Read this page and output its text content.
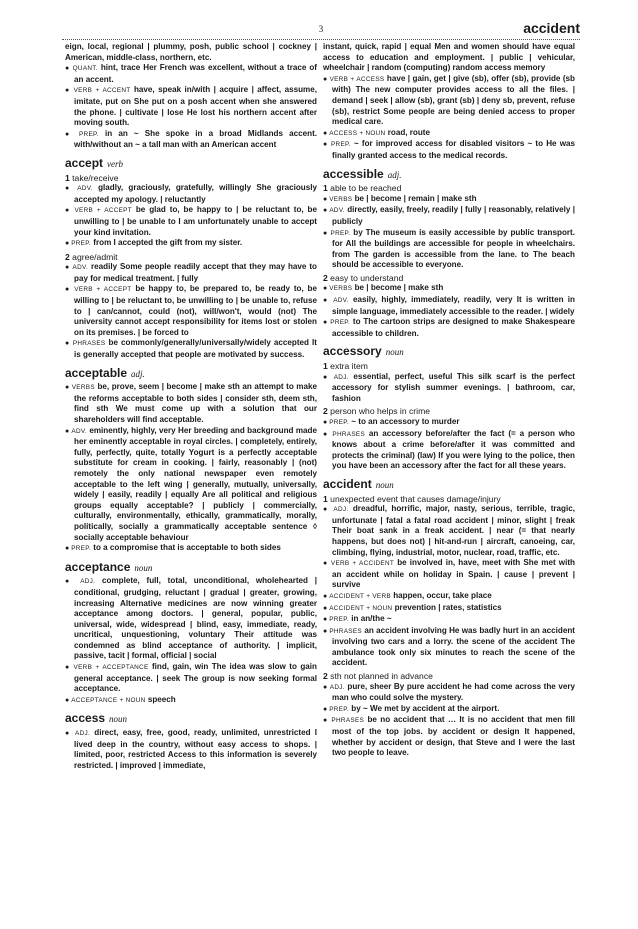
3	accident
eign, local, regional | plummy, posh, public school | cockney | American, middle-class, northern, etc.
● QUANT. hint, trace Her French was excellent, without a trace of an accent.
● VERB + ACCENT have, speak in/with | acquire | affect, assume, imitate, put on She put on a posh accent when she answered the phone. | cultivate | lose He lost his northern accent after moving south.
● PREP. in an ~ She spoke in a broad Midlands accent. with/without an ~ a tall man with an American accent
accept verb
1 take/receive
● ADV. gladly, graciously, gratefully, willingly She graciously accepted my apology. | reluctantly
● VERB + ACCEPT be glad to, be happy to | be reluctant to, be unwilling to | be unable to I am unfortunately unable to accept your kind invitation.
● PREP. from I accepted the gift from my sister.
2 agree/admit
● ADV. readily Some people readily accept that they may have to pay for medical treatment. | fully
● VERB + ACCEPT be happy to, be prepared to, be ready to, be willing to | be reluctant to, be unwilling to | be unable to, refuse to | can/cannot, could (not), will/won't, would (not) The university cannot accept responsibility for items lost or stolen on its premises. | be forced to
● PHRASES be commonly/generally/universally/widely accepted It is generally accepted that people are motivated by success.
acceptable adj.
● VERBS be, prove, seem | become | make sth an attempt to make the reforms acceptable to both sides | consider sth, deem sth, find sth We must come up with a solution that our shareholders will find acceptable.
● ADV. eminently, highly, very Her breeding and background made her eminently acceptable in royal circles. | completely, entirely, fully, perfectly, quite, totally Yogurt is a perfectly acceptable substitute for cream in cooking. | fairly, reasonably | (not) remotely the only national newspaper even remotely acceptable to the left wing | generally, mutually, universally, widely | easily, readily | equally Are all political and religious groups equally acceptable? | publicly | commercially, culturally, environmentally, ethically, grammatically, morally, politically, socially a grammatically acceptable sentence ◊ socially acceptable behaviour
● PREP. to a compromise that is acceptable to both sides
acceptance noun
● ADJ. complete, full, total, unconditional, wholehearted | conditional, grudging, reluctant | gradual | greater, growing, increasing Alternative medicines are now winning greater acceptance among doctors. | general, popular, public, universal, wide, widespread | blind, easy, immediate, ready, uncritical, unquestioning, voluntary Their attitude was condemned as blind acceptance of authority. | implicit, passive, tacit | formal, official | social
● VERB + ACCEPTANCE find, gain, win The idea was slow to gain general acceptance. | seek The group is now seeking formal acceptance.
● ACCEPTANCE + NOUN speech
access noun
● ADJ. direct, easy, free, good, ready, unlimited, unrestricted I lived deep in the country, without easy access to shops. | limited, poor, restricted Access to this information is severely restricted. | improved | immediate,
instant, quick, rapid | equal Men and women should have equal access to education and employment. | public | vehicular, wheelchair | random (computing) random access memory
● VERB + ACCESS have | gain, get | give (sb), offer (sb), provide (sb with) The new computer provides access to all the files. | demand | seek | allow (sb), grant (sb) | deny sb, prevent, refuse (sb), restrict Some people are being denied access to proper medical care.
● ACCESS + NOUN road, route
● PREP. ~ for improved access for disabled visitors ~ to He was finally granted access to the medical records.
accessible adj.
1 able to be reached
● VERBS be | become | remain | make sth
● ADV. directly, easily, freely, readily | fully | reasonably, relatively | publicly
● PREP. by The museum is easily accessible by public transport. for All the buildings are accessible for people in wheelchairs. from The garden is accessible from the lane. to The beach should be accessible to everyone.
2 easy to understand
● VERBS be | become | make sth
● ADV. easily, highly, immediately, readily, very It is written in simple language, immediately accessible to the reader. | widely
● PREP. to The cartoon strips are designed to make Shakespeare accessible to children.
accessory noun
1 extra item
● ADJ. essential, perfect, useful This silk scarf is the perfect accessory for stylish summer evenings. | bathroom, car, fashion
2 person who helps in crime
● PREP. ~ to an accessory to murder
● PHRASES an accessory before/after the fact (= a person who knows about a crime before/after it was committed and protects the criminal) (law) If you were lying to the police, then you have been an accessory after the fact for all these years.
accident noun
1 unexpected event that causes damage/injury
● ADJ. dreadful, horrific, major, nasty, serious, terrible, tragic, unfortunate | fatal a fatal road accident | minor, slight | freak Their boat sank in a freak accident. | near (= that nearly happens, but does not) | hit-and-run | aircraft, canoeing, car, climbing, flying, industrial, motor, nuclear, road, traffic, etc.
● VERB + ACCIDENT be involved in, have, meet with She met with an accident while on holiday in Spain. | cause | prevent | survive
● ACCIDENT + VERB happen, occur, take place
● ACCIDENT + NOUN prevention | rates, statistics
● PREP. in an/the ~
● PHRASES an accident involving He was badly hurt in an accident involving two cars and a lorry. the scene of the accident The ambulance took only six minutes to reach the scene of the accident.
2 sth not planned in advance
● ADJ. pure, sheer By pure accident he had come across the very man who could solve the mystery.
● PREP. by ~ We met by accident at the airport.
● PHRASES be no accident that … It is no accident that men fill most of the top jobs. by accident or design It happened, whether by accident or design, that Steve and I were the last two people to leave.
